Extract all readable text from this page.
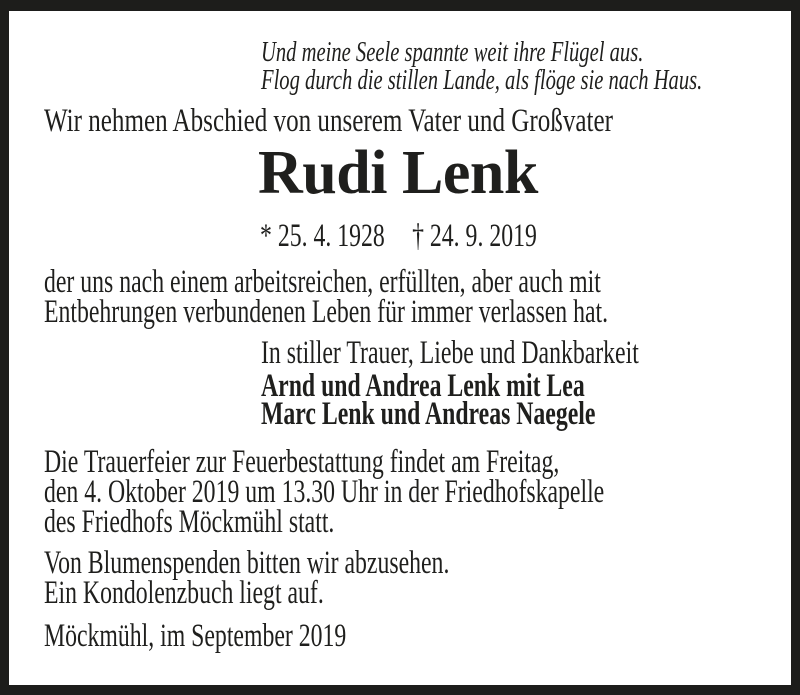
Und meine Seele spannte weit ihre Flügel aus.
Flog durch die stillen Lande, als flöge sie nach Haus.
Wir nehmen Abschied von unserem Vater und Großvater
Rudi Lenk
* 25. 4. 1928 † 24. 9. 2019
der uns nach einem arbeitsreichen, erfüllten, aber auch mit
Entbehrungen verbundenen Leben für immer verlassen hat.
In stiller Trauer, Liebe und Dankbarkeit
Arnd und Andrea Lenk mit Lea
Marc Lenk und Andreas Naegele
Die Trauerfeier zur Feuerbestattung findet am Freitag,
den 4. Oktober 2019 um 13.30 Uhr in der Friedhofskapelle
des Friedhofs Möckmühl statt.
Von Blumenspenden bitten wir abzusehen.
Ein Kondolenzbuch liegt auf.
Möckmühl, im September 2019
